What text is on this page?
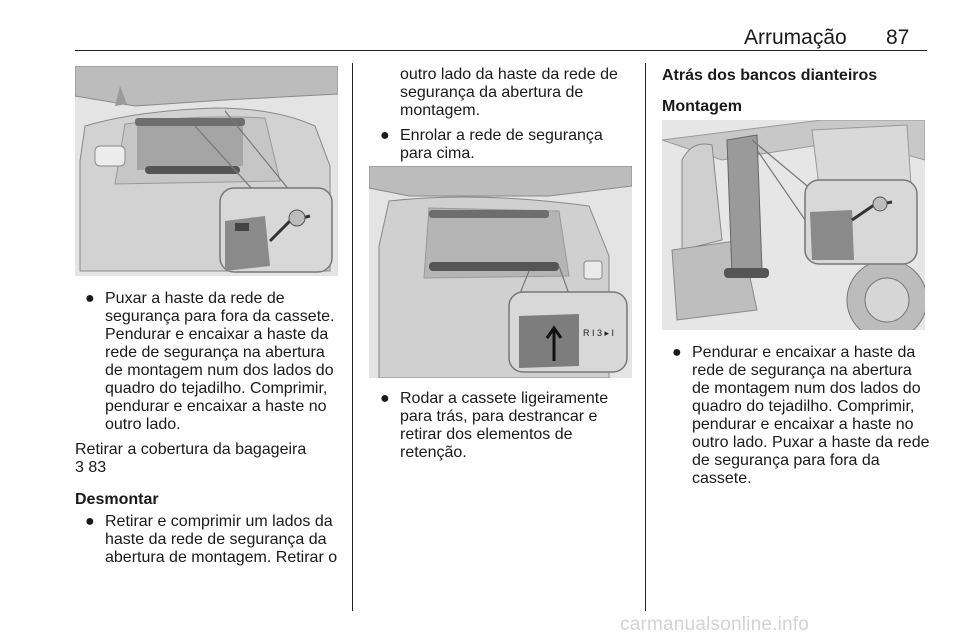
Arrumação 87
● Puxar a haste da rede de segurança para fora da cassete. Pendurar e encaixar a haste da rede de segurança na abertura de montagem num dos lados do quadro do tejadilho. Comprimir, pendurar e encaixar a haste no outro lado.
Retirar a cobertura da bagageira
3 83
Desmontar
● Retirar e comprimir um lados da haste da rede de segurança da abertura de montagem. Retirar o
outro lado da haste da rede de segurança da abertura de montagem.
● Enrolar a rede de segurança para cima.
R I 3 ▸ I
● Rodar a cassete ligeiramente para trás, para destrancar e retirar dos elementos de retenção.
Atrás dos bancos dianteiros
Montagem
● Pendurar e encaixar a haste da rede de segurança na abertura de montagem num dos lados do quadro do tejadilho. Comprimir, pendurar e encaixar a haste no outro lado. Puxar a haste da rede de segurança para fora da cassete.
carmanualsonline.info
